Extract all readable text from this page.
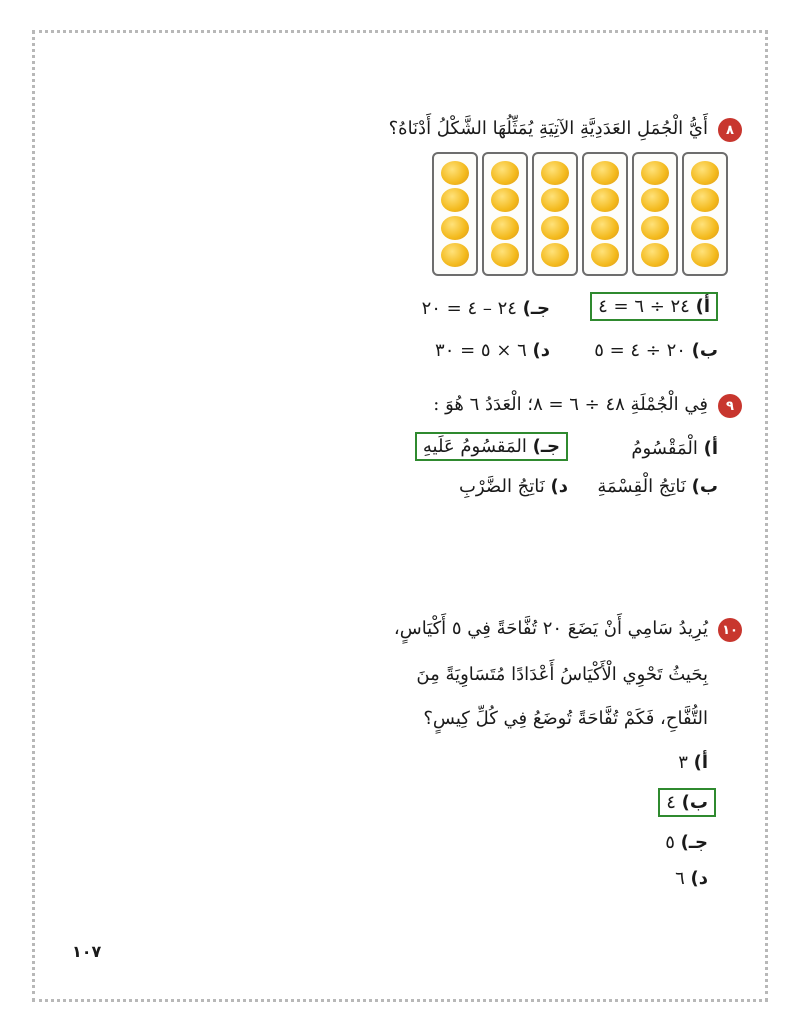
٨
أَيُّ الْجُمَلِ العَدَدِيَّةِ الآتِيَةِ يُمَثِّلُهَا الشَّكْلُ أَدْنَاهُ؟
أ) ٢٤ ÷ ٦ = ٤
جـ) ٢٤ – ٤ = ٢٠
ب) ٢٠ ÷ ٤ = ٥
د) ٦ × ٥ = ٣٠
٩
فِي الْجُمْلَةِ ٤٨ ÷ ٦ = ٨؛ الْعَدَدُ ٦ هُوَ :
أ) الْمَقْسُومُ
جـ) المَقسُومُ عَلَيهِ
ب) نَاتِجُ الْقِسْمَةِ
د) نَاتِجُ الضَّرْبِ
١٠
يُرِيدُ سَامِي أَنْ يَضَعَ ٢٠ تُفَّاحَةً فِي ٥ أَكْيَاسٍ،
بِحَيثُ تَحْوِي الْأَكْيَاسُ أَعْدَادًا مُتَسَاوِيَةً مِنَ
التُّفَّاحِ، فَكَمْ تُفَّاحَةً تُوضَعُ فِي كُلِّ كِيسٍ؟
أ) ٣
ب) ٤
جـ) ٥
د) ٦
١٠٧
